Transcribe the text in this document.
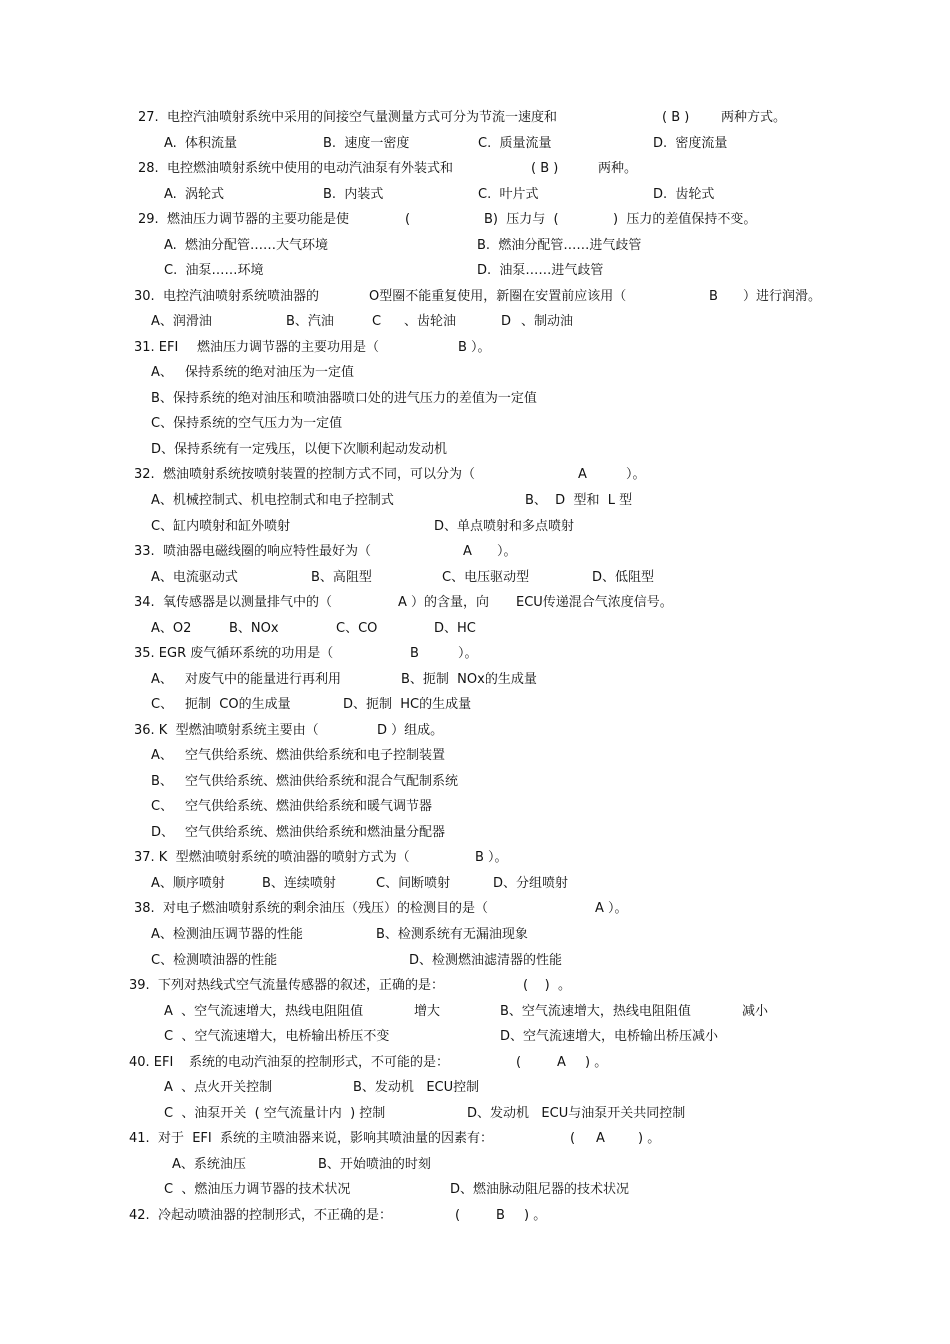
27.  电控汽油喷射系统中采用的间接空气量测量方式可分为节流一速度和	( B ) 两种方式。
A.  体积流量	B.  速度一密度	C.  质量流量	D.  密度流量
28.  电控燃油喷射系统中使用的电动汽油泵有外装式和	( B )	两种。
A.  涡轮式	B.  内装式	C.  叶片式	D.  齿轮式
29.  燃油压力调节器的主要功能是使	(	B)  压力与  (	)  压力的差值保持不变。
A.  燃油分配管……大气环境	B.  燃油分配管……进气歧管
C.  油泵……环境	D.  油泵……进气歧管
30.  电控汽油喷射系统喷油器的	O型圈不能重复使用，新圈在安置前应该用（	B ）进行润滑。
A、润滑油	B、汽油	C 、齿轮油	D 、制动油
31. EFI 燃油压力调节器的主要功用是（	B ）。
A、 保持系统的绝对油压为一定值
B、保持系统的绝对油压和喷油器喷口处的进气压力的差值为一定值
C、保持系统的空气压力为一定值
D、保持系统有一定残压，以便下次顺利起动发动机
32.  燃油喷射系统按喷射装置的控制方式不同，可以分为（	A	）。
A、机械控制式、机电控制式和电子控制式	B、  D  型和  L 型
C、缸内喷射和缸外喷射	D、单点喷射和多点喷射
33.  喷油器电磁线圈的响应特性最好为（	A ）。
A、电流驱动式	B、高阻型	C、电压驱动型	D、低阻型
34.  氧传感器是以测量排气中的（	A ）的含量，向 ECU传递混合气浓度信号。
A、O2	B、NOx	C、CO	D、HC
35. EGR 废气循环系统的功用是（	B	）。
A、 对废气中的能量进行再利用	B、扼制  NOx的生成量
C、 扼制  CO的生成量	D、扼制  HC的生成量
36. K  型燃油喷射系统主要由（	D ）组成。
A、 空气供给系统、燃油供给系统和电子控制装置
B、 空气供给系统、燃油供给系统和混合气配制系统
C、 空气供给系统、燃油供给系统和暖气调节器
D、 空气供给系统、燃油供给系统和燃油量分配器
37. K  型燃油喷射系统的喷油器的喷射方式为（	B ）。
A、顺序喷射	B、连续喷射	C、间断喷射	D、分组喷射
38.  对电子燃油喷射系统的剩余油压（残压）的检测目的是（	A ）。
A、检测油压调节器的性能	B、检测系统有无漏油现象
C、检测喷油器的性能	D、检测燃油滤清器的性能
39.  下列对热线式空气流量传感器的叙述，正确的是：	(    )  。
A  、空气流速增大，热线电阻阻值	增大	B、空气流速增大，热线电阻阻值	减小
C  、空气流速增大，电桥输出桥压不变	D、空气流速增大，电桥输出桥压减小
40. EFI 系统的电动汽油泵的控制形式，不可能的是：	(	A ) 。
A  、点火开关控制	B、发动机   ECU控制
C  、油泵开关  ( 空气流量计内  ) 控制	D、发动机   ECU与油泵开关共同控制
41.  对于  EFI  系统的主喷油器来说，影响其喷油量的因素有：	( A	) 。
A、系统油压	B、开始喷油的时刻
C  、燃油压力调节器的技术状况	D、燃油脉动阻尼器的技术状况
42.  冷起动喷油器的控制形式，不正确的是：	(	B ) 。
